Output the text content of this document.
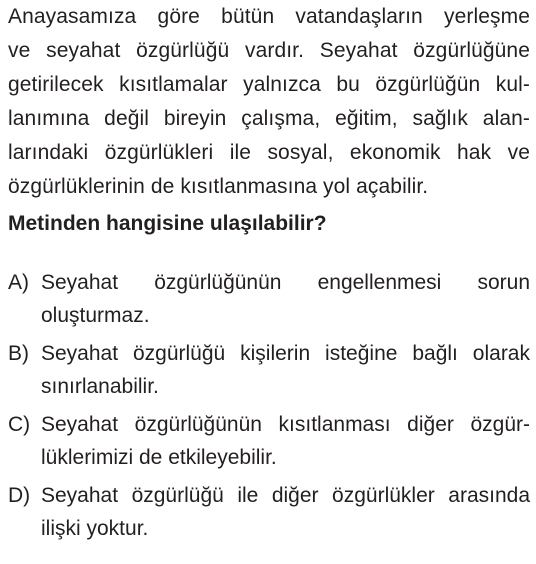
Anayasamıza göre bütün vatandaşların yerleşme
ve seyahat özgürlüğü vardır. Seyahat özgürlüğüne
getirilecek kısıtlamalar yalnızca bu özgürlüğün kul-
lanımına değil bireyin çalışma, eğitim, sağlık alan-
larındaki özgürlükleri ile sosyal, ekonomik hak ve
özgürlüklerinin de kısıtlanmasına yol açabilir.
Metinden hangisine ulaşılabilir?
A) Seyahat özgürlüğünün engellenmesi sorun
oluşturmaz.
B) Seyahat özgürlüğü kişilerin isteğine bağlı olarak
sınırlanabilir.
C) Seyahat özgürlüğünün kısıtlanması diğer özgür-
lüklerimizi de etkileyebilir.
D) Seyahat özgürlüğü ile diğer özgürlükler arasında
ilişki yoktur.
